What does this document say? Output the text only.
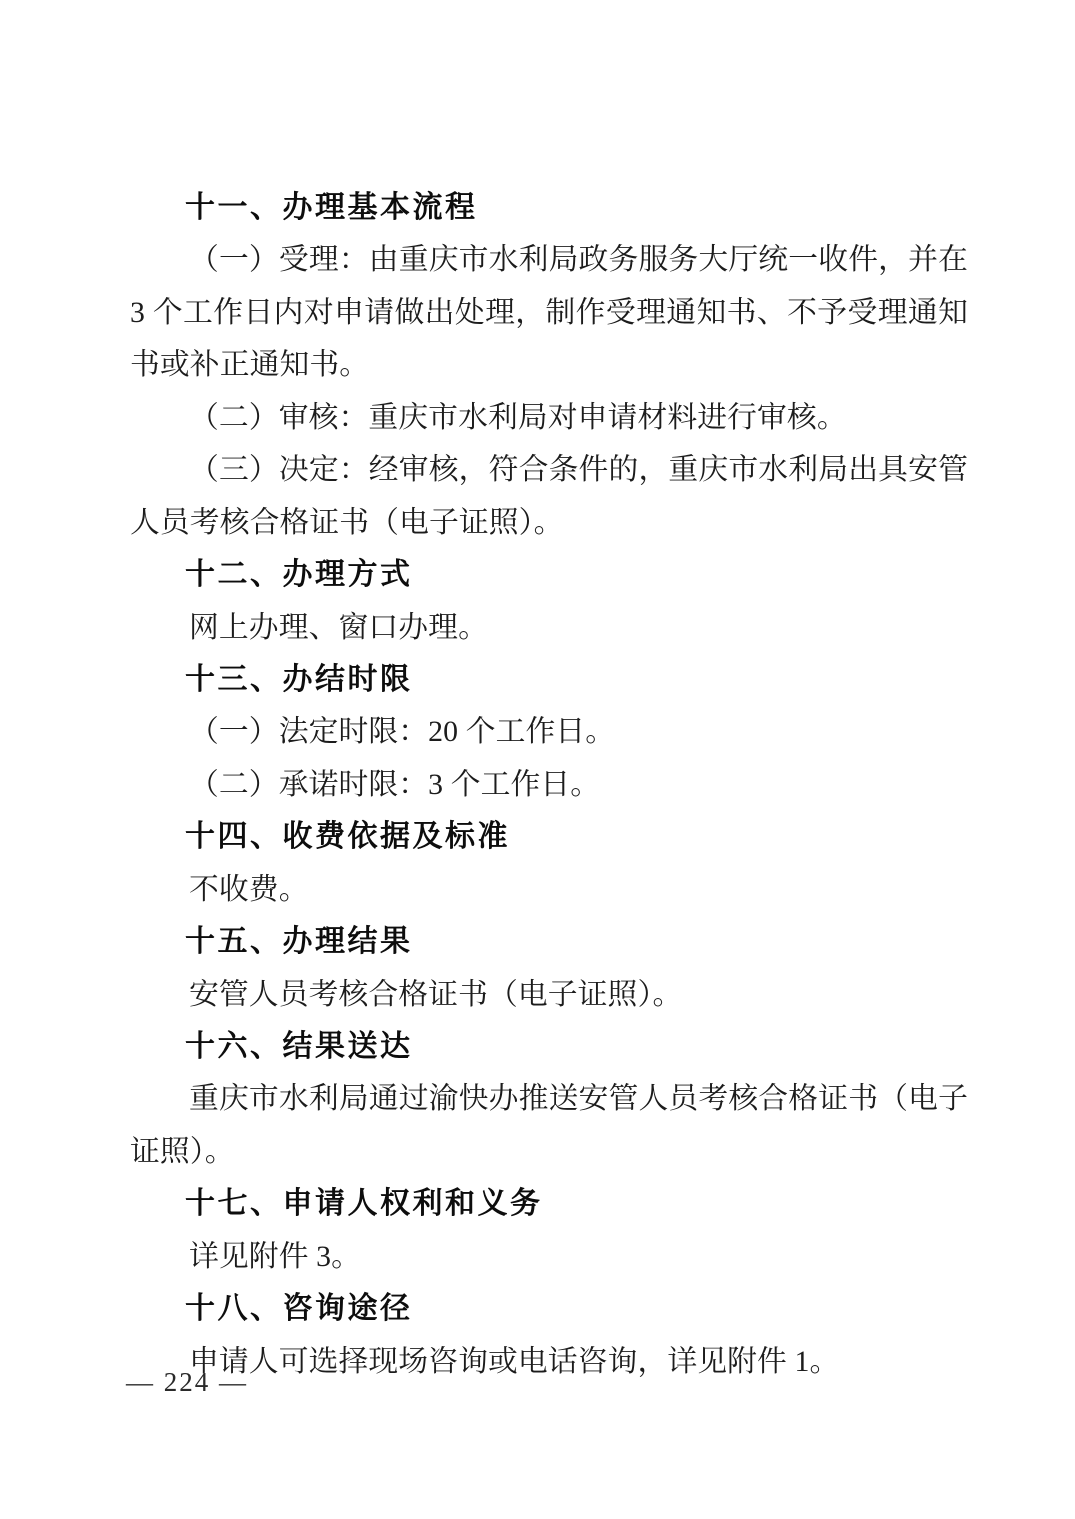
十一、办理基本流程
（一）受理：由重庆市水利局政务服务大厅统一收件，并在
3 个工作日内对申请做出处理，制作受理通知书、不予受理通知
书或补正通知书。
（二）审核：重庆市水利局对申请材料进行审核。
（三）决定：经审核，符合条件的，重庆市水利局出具安管
人员考核合格证书（电子证照）。
十二、办理方式
网上办理、窗口办理。
十三、办结时限
（一）法定时限：20 个工作日。
（二）承诺时限：3 个工作日。
十四、收费依据及标准
不收费。
十五、办理结果
安管人员考核合格证书（电子证照）。
十六、结果送达
重庆市水利局通过渝快办推送安管人员考核合格证书（电子
证照）。
十七、申请人权利和义务
详见附件 3。
十八、咨询途径
申请人可选择现场咨询或电话咨询，详见附件 1。
— 224 —
